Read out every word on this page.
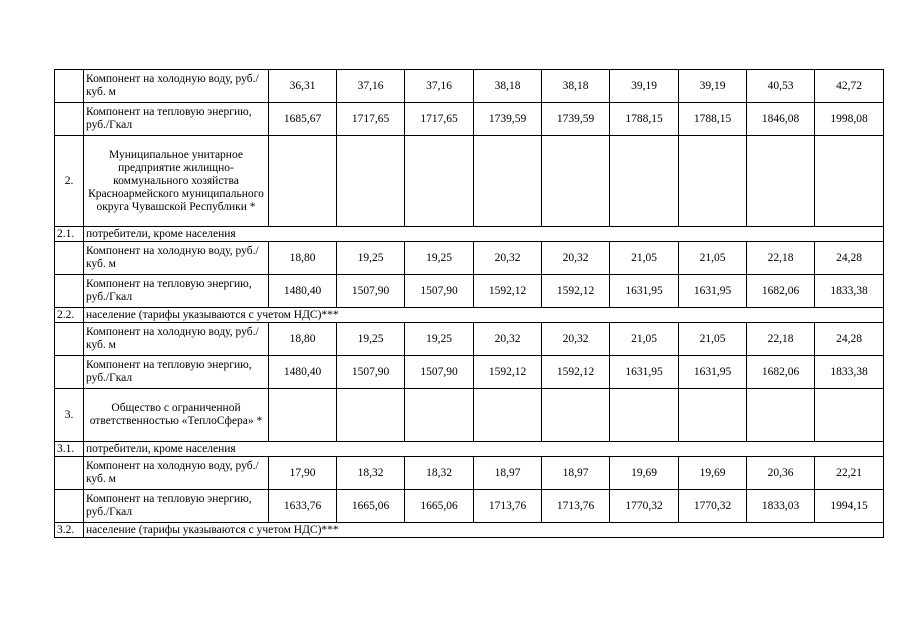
	Компонент на холодную воду, руб./куб. м	36,31	37,16	37,16	38,18	38,18	39,19	39,19	40,53	42,72
	Компонент на тепловую энергию, руб./Гкал	1685,67	1717,65	1717,65	1739,59	1739,59	1788,15	1788,15	1846,08	1998,08
2.	Муниципальное унитарное предприятие жилищно-коммунального хозяйства Красноармейского муниципального округа Чувашской Республики *									
2.1.	потребители, кроме населения									
	Компонент на холодную воду, руб./куб. м	18,80	19,25	19,25	20,32	20,32	21,05	21,05	22,18	24,28
	Компонент на тепловую энергию, руб./Гкал	1480,40	1507,90	1507,90	1592,12	1592,12	1631,95	1631,95	1682,06	1833,38
2.2.	население (тарифы указываются с учетом НДС)***									
	Компонент на холодную воду, руб./куб. м	18,80	19,25	19,25	20,32	20,32	21,05	21,05	22,18	24,28
	Компонент на тепловую энергию, руб./Гкал	1480,40	1507,90	1507,90	1592,12	1592,12	1631,95	1631,95	1682,06	1833,38
3.	Общество с ограниченной ответственностью «ТеплоСфера» *									
3.1.	потребители, кроме населения									
	Компонент на холодную воду, руб./куб. м	17,90	18,32	18,32	18,97	18,97	19,69	19,69	20,36	22,21
	Компонент на тепловую энергию, руб./Гкал	1633,76	1665,06	1665,06	1713,76	1713,76	1770,32	1770,32	1833,03	1994,15
3.2.	население (тарифы указываются с учетом НДС)***									
